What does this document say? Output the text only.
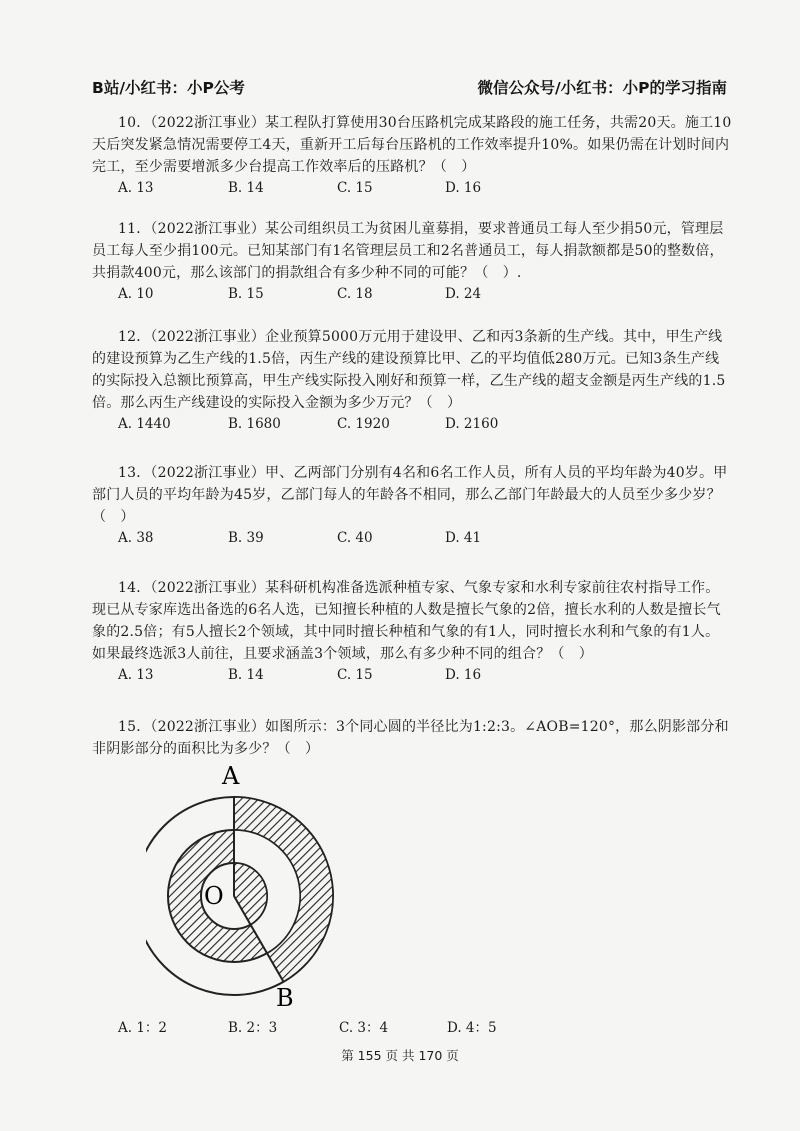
B站/小红书：小P公考	微信公众号/小红书：小P的学习指南

10．（2022浙江事业）某工程队打算使用30台压路机完成某路段的施工任务，共需20天。施工10天后突发紧急情况需要停工4天，重新开工后每台压路机的工作效率提升10%。如果仍需在计划时间内完工，至少需要增派多少台提高工作效率后的压路机？（　）

A. 13	B. 14	C. 15	D. 16

11．（2022浙江事业）某公司组织员工为贫困儿童募捐，要求普通员工每人至少捐50元，管理层员工每人至少捐100元。已知某部门有1名管理层员工和2名普通员工，每人捐款额都是50的整数倍，共捐款400元，那么该部门的捐款组合有多少种不同的可能？（　）.

A. 10	B. 15	C. 18	D. 24

12．（2022浙江事业）企业预算5000万元用于建设甲、乙和丙3条新的生产线。其中，甲生产线的建设预算为乙生产线的1.5倍，丙生产线的建设预算比甲、乙的平均值低280万元。已知3条生产线的实际投入总额比预算高，甲生产线实际投入刚好和预算一样，乙生产线的超支金额是丙生产线的1.5倍。那么丙生产线建设的实际投入金额为多少万元？（　）

A. 1440	B. 1680	C. 1920	D. 2160

13．（2022浙江事业）甲、乙两部门分别有4名和6名工作人员，所有人员的平均年龄为40岁。甲部门人员的平均年龄为45岁，乙部门每人的年龄各不相同，那么乙部门年龄最大的人员至少多少岁？（　）

A. 38	B. 39	C. 40	D. 41

14．（2022浙江事业）某科研机构准备选派种植专家、气象专家和水利专家前往农村指导工作。现已从专家库选出备选的6名人选，已知擅长种植的人数是擅长气象的2倍，擅长水利的人数是擅长气象的2.5倍；有5人擅长2个领域，其中同时擅长种植和气象的有1人，同时擅长水利和气象的有1人。如果最终选派3人前往，且要求涵盖3个领域，那么有多少种不同的组合？（　）

A. 13	B. 14	C. 15	D. 16

15．（2022浙江事业）如图所示：3个同心圆的半径比为1:2:3。∠AOB=120°，那么阴影部分和非阴影部分的面积比为多少？（　）

A
O
B
A. 1：2	B. 2：3	C. 3：4	D. 4：5
第 155 页 共 170 页
